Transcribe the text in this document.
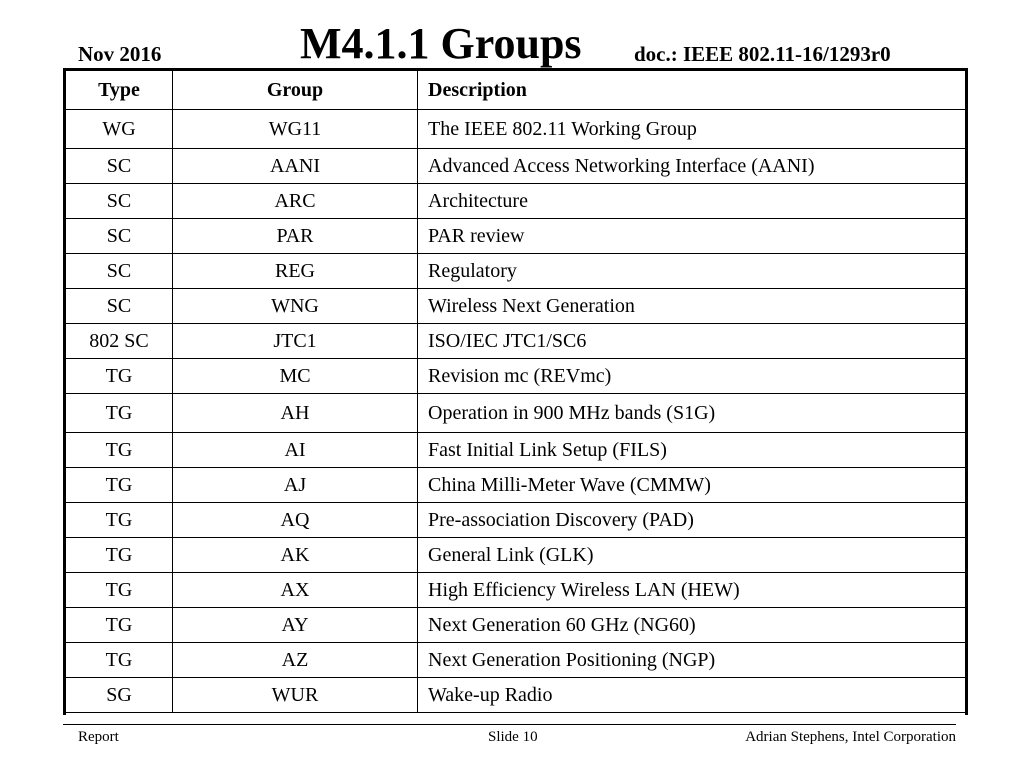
Nov 2016	M4.1.1 Groups doc.: IEEE 802.11-16/1293r0
Type	Group	Description
WG	WG11	The IEEE 802.11 Working Group
SC	AANI	Advanced Access Networking Interface (AANI)
SC	ARC	Architecture
SC	PAR	PAR review
SC	REG	Regulatory
SC	WNG	Wireless Next Generation
802 SC	JTC1	ISO/IEC JTC1/SC6
TG	MC	Revision mc (REVmc)
TG	AH	Operation in 900 MHz bands (S1G)
TG	AI	Fast Initial Link Setup (FILS)
TG	AJ	China Milli-Meter Wave (CMMW)
TG	AQ	Pre-association Discovery (PAD)
TG	AK	General Link (GLK)
TG	AX	High Efficiency Wireless LAN (HEW)
TG	AY	Next Generation 60 GHz (NG60)
TG	AZ	Next Generation Positioning (NGP)
SG	WUR	Wake-up Radio
Report	Slide 10	Adrian Stephens, Intel Corporation
